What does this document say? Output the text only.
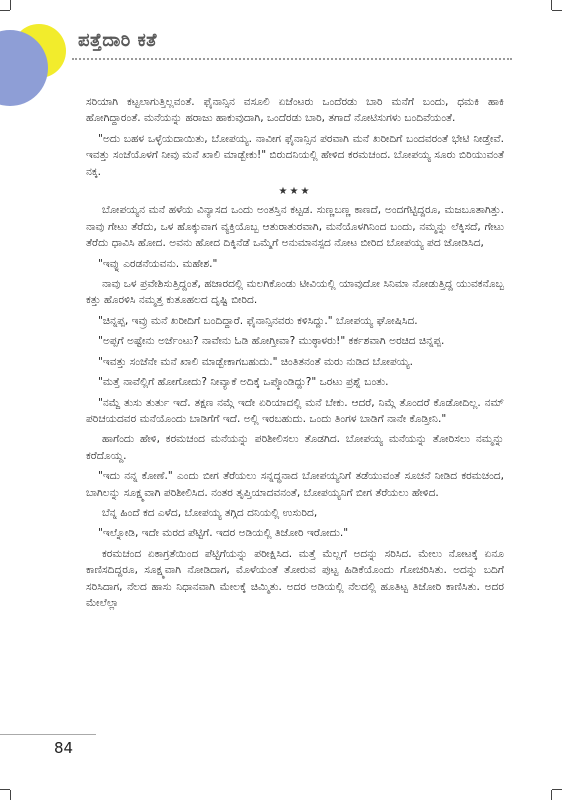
ಪತ್ತೆದಾರಿ ಕತೆ

ಸರಿಯಾಗಿ ಕಟ್ಟಲಾಗುತ್ತಿಲ್ಲವಂತೆ. ಫೈನಾನ್ಸಿನ ವಸೂಲಿ ಏಜೆಂಟರು ಒಂದೆರಡು ಬಾರಿ ಮನೆಗೆ ಬಂದು, ಧಮಕಿ ಹಾಕಿ ಹೋಗಿದ್ದಾರಂತೆ. ಮನೆಯನ್ನು ಹರಾಜು ಹಾಕುವುದಾಗಿ, ಒಂದೆರಡು ಬಾರಿ, ತಗಾದೆ ನೋಟಿಸುಗಳು ಬಂದಿವೆಯಂತೆ.

"ಅದು ಬಹಳ ಒಳ್ಳೆಯದಾಯಿತು, ಬೋಪಯ್ಯ. ನಾವೀಗ ಫೈನಾನ್ಸಿನ ಪರವಾಗಿ ಮನೆ ಖರೀದಿಗೆ ಬಂದವರಂತೆ ಭೇಟಿ ನೀಡ್ತೇವೆ. ಇವತ್ತು ಸಂಜೆಯೊಳಗೆ ನೀವು ಮನೆ ಖಾಲಿ ಮಾಡ್ಬೇಕು!" ಬಿರುದನಿಯಲ್ಲಿ ಹೇಳಿದ ಕರಮಚಂದ. ಬೋಪಯ್ಯ ಸೂರು ಬಿರಿಯುವಂತೆ ನಕ್ಕ.

★★★

ಬೋಪಯ್ಯನ ಮನೆ ಹಳೆಯ ವಿನ್ಯಾಸದ ಒಂದು ಅಂತಸ್ತಿನ ಕಟ್ಟಡ. ಸುಣ್ಣಬಣ್ಣ ಕಾಣದೆ, ಅಂದಗೆಟ್ಟಿದ್ದರೂ, ಮಜಬೂತಾಗಿತ್ತು. ನಾವು ಗೇಟು ತೆರೆದು, ಒಳ ಹೊಕ್ಕುವಾಗ ವ್ಯಕ್ತಿಯೊಬ್ಬ ಆತುರಾತುರವಾಗಿ, ಮನೆಯೊಳಗಿನಿಂದ ಬಂದು, ನಮ್ಮನ್ನು ಲೆಕ್ಕಿಸದೆ, ಗೇಟು ತೆರೆದು ಧಾವಿಸಿ ಹೋದ. ಅವನು ಹೋದ ದಿಕ್ಕಿನೆಡೆ ಒಮ್ಮೆಗೆ ಅನುಮಾನಸ್ಪದ ನೋಟ ಬೀರಿದ ಬೋಪಯ್ಯ ಪದ ಜೋಡಿಸಿದ,

"ಇವ್ನು ಎರಡನೆಯವನು. ಮಹೇಶ."

ನಾವು ಒಳ ಪ್ರವೇಶಿಸುತ್ತಿದ್ದಂತೆ, ಹಜಾರದಲ್ಲಿ ಮಲಗಿಕೊಂಡು ಟೀವಿಯಲ್ಲಿ ಯಾವುದೋ ಸಿನಿಮಾ ನೋಡುತ್ತಿದ್ದ ಯುವಕನೊಬ್ಬ ಕತ್ತು ಹೊರಳಿಸಿ ನಮ್ಮತ್ತ ಕುತೂಹಲದ ದೃಷ್ಟಿ ಬೀರಿದ.

"ಚಿನ್ನಪ್ಪ, ಇವ್ರು ಮನೆ ಖರೀದಿಗೆ ಬಂದಿದ್ದಾರೆ. ಫೈನಾನ್ಸಿನವರು ಕಳಿಸಿದ್ದು." ಬೋಪಯ್ಯ ಘೋಷಿಸಿದ.

"ಅಪ್ಪಗೆ ಅಷ್ಟೇನು ಅರ್ಜೆಂಟು? ನಾವೇನು ಓಡಿ ಹೋಗ್ತೀವಾ? ಮುಠ್ಠಾಳರು!" ಕರ್ಕಶವಾಗಿ ಅರಚಿದ ಚಿನ್ನಪ್ಪ.

"ಇವತ್ತು ಸಂಜೆನೇ ಮನೆ ಖಾಲಿ ಮಾಡ್ಬೇಕಾಗಬಹುದು." ಚಿಂತಿತನಂತೆ ಮರು ನುಡಿದ ಬೋಪಯ್ಯ.

"ಮತ್ತೆ ನಾವೆಲ್ಲಿಗೆ ಹೋಗೋದು? ನೀವ್ಯಾಕೆ ಅದಿಕ್ಕೆ ಒಪ್ಕೊಂಡಿದ್ದು?" ಒರಟು ಪ್ರಶ್ನೆ ಬಂತು.

"ನಮ್ದೆ ತುಸು ತುರ್ತು ಇದೆ. ತಕ್ಷಣ ನಮ್ಗೆ ಇದೇ ಏರಿಯಾದಲ್ಲಿ ಮನೆ ಬೇಕು. ಆದರೆ, ನಿಮ್ಗೆ ತೊಂದರೆ ಕೊಡೋದಿಲ್ಲ. ನಮ್ ಪರಿಚಯದವರ ಮನೆಯೊಂದು ಬಾಡಿಗೆಗೆ ಇದೆ. ಅಲ್ಲಿ ಇರಬಹುದು. ಒಂದು ತಿಂಗಳ ಬಾಡಿಗೆ ನಾನೇ ಕೊಡ್ತೀನಿ."

ಹಾಗೆಂದು ಹೇಳಿ, ಕರಮಚಂದ ಮನೆಯನ್ನು ಪರಿಶೀಲಿಸಲು ತೊಡಗಿದ. ಬೋಪಯ್ಯ ಮನೆಯನ್ನು ತೋರಿಸಲು ನಮ್ಮನ್ನು ಕರೆದೊಯ್ದ.

"ಇದು ನನ್ನ ಕೋಣೆ." ಎಂದು ಬೀಗ ತೆರೆಯಲು ಸನ್ನದ್ಧನಾದ ಬೋಪಯ್ಯನಿಗೆ ತಡೆಯುವಂತೆ ಸೂಚನೆ ನೀಡಿದ ಕರಮಚಂದ, ಬಾಗಿಲನ್ನು ಸೂಕ್ಷ್ಮವಾಗಿ ಪರಿಶೀಲಿಸಿದ. ನಂತರ ತೃಪ್ತಿಯಾದವನಂತೆ, ಬೋಪಯ್ಯನಿಗೆ ಬೀಗ ತೆರೆಯಲು ಹೇಳಿದ.

ಬೆನ್ನ ಹಿಂದೆ ಕದ ಎಳೆದ, ಬೋಪಯ್ಯ ತಗ್ಗಿದ ದನಿಯಲ್ಲಿ ಉಸುರಿದ,

"ಇಲ್ನೋಡಿ, ಇದೇ ಮರದ ಪೆಟ್ಟಿಗೆ. ಇದರ ಅಡಿಯಲ್ಲಿ ತಿಜೋರಿ ಇರೋದು."

ಕರಮಚಂದ ಏಕಾಗ್ರತೆಯಿಂದ ಪೆಟ್ಟಿಗೆಯನ್ನು ಪರೀಕ್ಷಿಸಿದ. ಮತ್ತೆ ಮೆಲ್ಲಗೆ ಅದನ್ನು ಸರಿಸಿದ. ಮೇಲು ನೋಟಕ್ಕೆ ಏನೂ ಕಾಣಿಸದಿದ್ದರೂ, ಸೂಕ್ಷ್ಮವಾಗಿ ನೋಡಿದಾಗ, ಮೊಳೆಯಂತೆ ತೋರುವ ಪುಟ್ಟ ಹಿಡಿಕೆಯೊಂದು ಗೋಚರಿಸಿತು. ಅದನ್ನು ಬದಿಗೆ ಸರಿಸಿದಾಗ, ನೆಲದ ಹಾಸು ನಿಧಾನವಾಗಿ ಮೇಲಕ್ಕೆ ಚಿಮ್ಮಿತು. ಅದರ ಅಡಿಯಲ್ಲಿ ನೆಲದಲ್ಲಿ ಹೂತಿಟ್ಟ ತಿಜೋರಿ ಕಾಣಿಸಿತು. ಅದರ ಮೇಲೆಲ್ಲಾ

84
